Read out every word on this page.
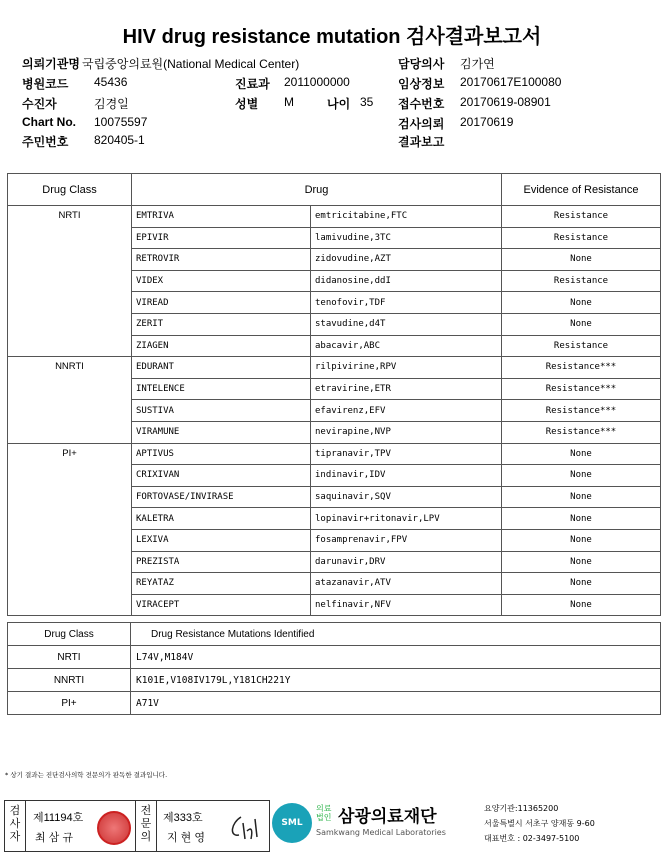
HIV drug resistance mutation 검사결과보고서
의뢰기관명 국립중앙의료원(National Medical Center)	담당의사 김가연
병원코드 45436	진료과 2011000000	임상정보 20170617E100080
수진자	김경일	성별 M	나이 35 접수번호 20170619-08901
Chart No. 10075597	검사의뢰 20170619
주민번호 820405-1	결과보고
Drug Class	Drug		Evidence of Resistance
NRTI	EMTRIVA	emtricitabine,FTC	Resistance
	EPIVIR	lamivudine,3TC	Resistance
	RETROVIR	zidovudine,AZT	None
	VIDEX	didanosine,ddI	Resistance
	VIREAD	tenofovir,TDF	None
	ZERIT	stavudine,d4T	None
	ZIAGEN	abacavir,ABC	Resistance
NNRTI	EDURANT	rilpivirine,RPV	Resistance***
	INTELENCE	etravirine,ETR	Resistance***
	SUSTIVA	efavirenz,EFV	Resistance***
	VIRAMUNE	nevirapine,NVP	Resistance***
PI+	APTIVUS	tipranavir,TPV	None
	CRIXIVAN	indinavir,IDV	None
	FORTOVASE/INVIRASE	saquinavir,SQV	None
	KALETRA	lopinavir+ritonavir,LPV	None
	LEXIVA	fosamprenavir,FPV	None
	PREZISTA	darunavir,DRV	None
	REYATAZ	atazanavir,ATV	None
	VIRACEPT	nelfinavir,NFV	None
Drug Class	Drug Resistance Mutations Identified
NRTI	L74V,M184V
NNRTI	K101E,V108IV179L,Y181CH221Y
PI+	A71V
* 상기 결과는 진단검사의학 전문의가 판독한 결과입니다.
검사자
제11194호
최 삼 규
전문의
제333호
지 현 영
SML
의료법인 삼광의료재단
Samkwang Medical Laboratories
요양기관:11365200
서울특별시 서초구 양재동 9-60
대표번호 : 02-3497-5100
